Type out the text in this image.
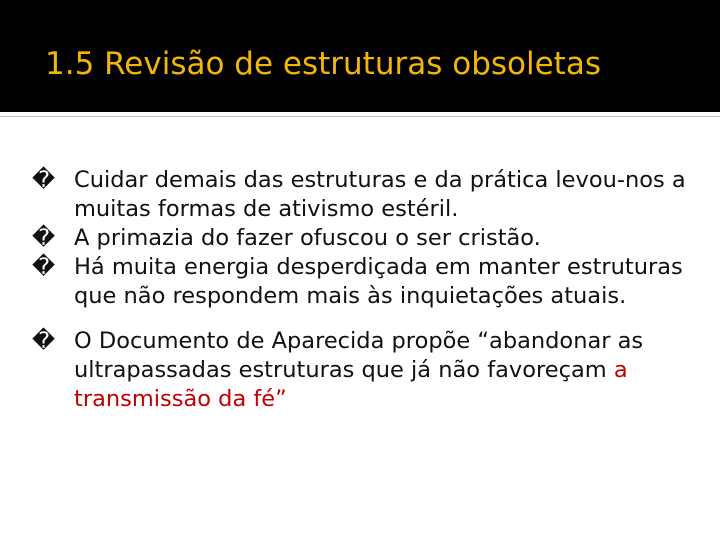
1.5 Revisão de estruturas obsoletas

� Cuidar demais das estruturas e da prática levou-nos a muitas formas de ativismo estéril.

� A primazia do fazer ofuscou o ser cristão.

� Há muita energia desperdiçada em manter estruturas que não respondem mais às inquietações atuais.

� O Documento de Aparecida propõe “abandonar as ultrapassadas estruturas que já não favoreçam a transmissão da fé”
